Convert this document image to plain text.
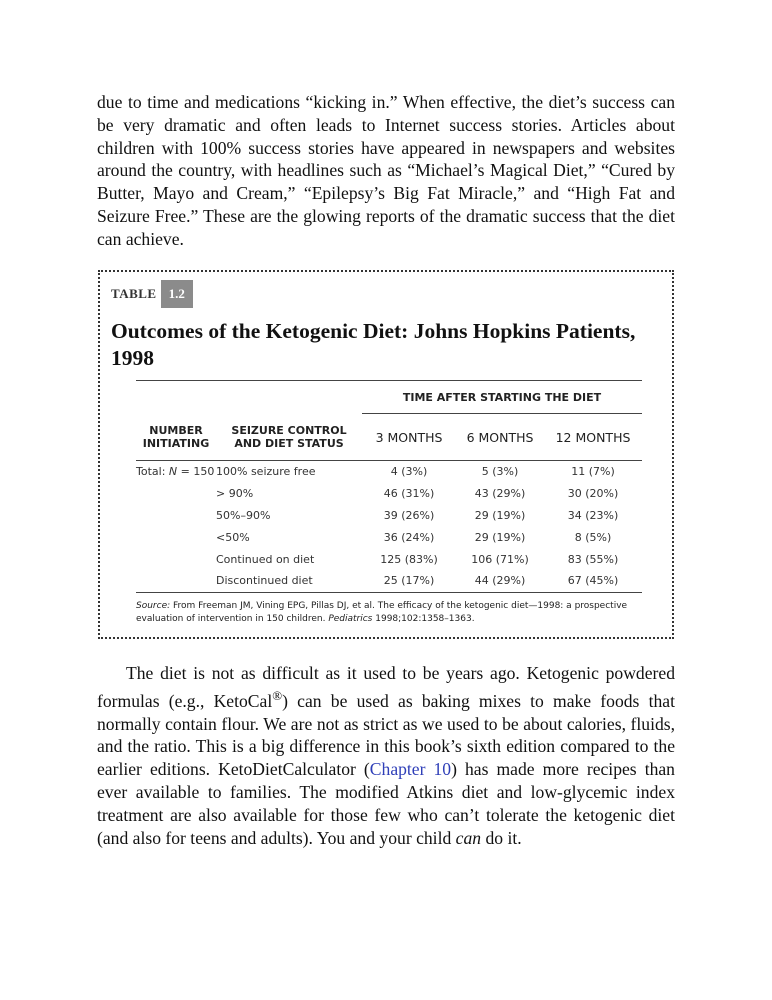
due to time and medications “kicking in.” When effective, the diet’s success can be very dramatic and often leads to Internet success stories. Articles about children with 100% success stories have appeared in newspapers and websites around the country, with headlines such as “Michael’s Magical Diet,” “Cured by Butter, Mayo and Cream,” “Epilepsy’s Big Fat Miracle,” and “High Fat and Seizure Free.” These are the glowing reports of the dramatic success that the diet can achieve.

TABLE 1.2
Outcomes of the Ketogenic Diet: Johns Hopkins Patients, 1998
		TIME AFTER STARTING THE DIET		
NUMBER INITIATING	SEIZURE CONTROL AND DIET STATUS	3 MONTHS	6 MONTHS	12 MONTHS
Total: N = 150	100% seizure free	4 (3%)	5 (3%)	11 (7%)
	> 90%	46 (31%)	43 (29%)	30 (20%)
	50%–90%	39 (26%)	29 (19%)	34 (23%)
	<50%	36 (24%)	29 (19%)	8 (5%)
	Continued on diet	125 (83%)	106 (71%)	83 (55%)
	Discontinued diet	25 (17%)	44 (29%)	67 (45%)

Source: From Freeman JM, Vining EPG, Pillas DJ, et al. The efficacy of the ketogenic diet—1998: a prospective evaluation of intervention in 150 children. Pediatrics 1998;102:1358–1363.

The diet is not as difficult as it used to be years ago. Ketogenic powdered formulas (e.g., KetoCal®) can be used as baking mixes to make foods that normally contain flour. We are not as strict as we used to be about calories, fluids, and the ratio. This is a big difference in this book’s sixth edition compared to the earlier editions. KetoDietCalculator (Chapter 10) has made more recipes than ever available to families. The modified Atkins diet and low-glycemic index treatment are also available for those few who can’t tolerate the ketogenic diet (and also for teens and adults). You and your child can do it.
